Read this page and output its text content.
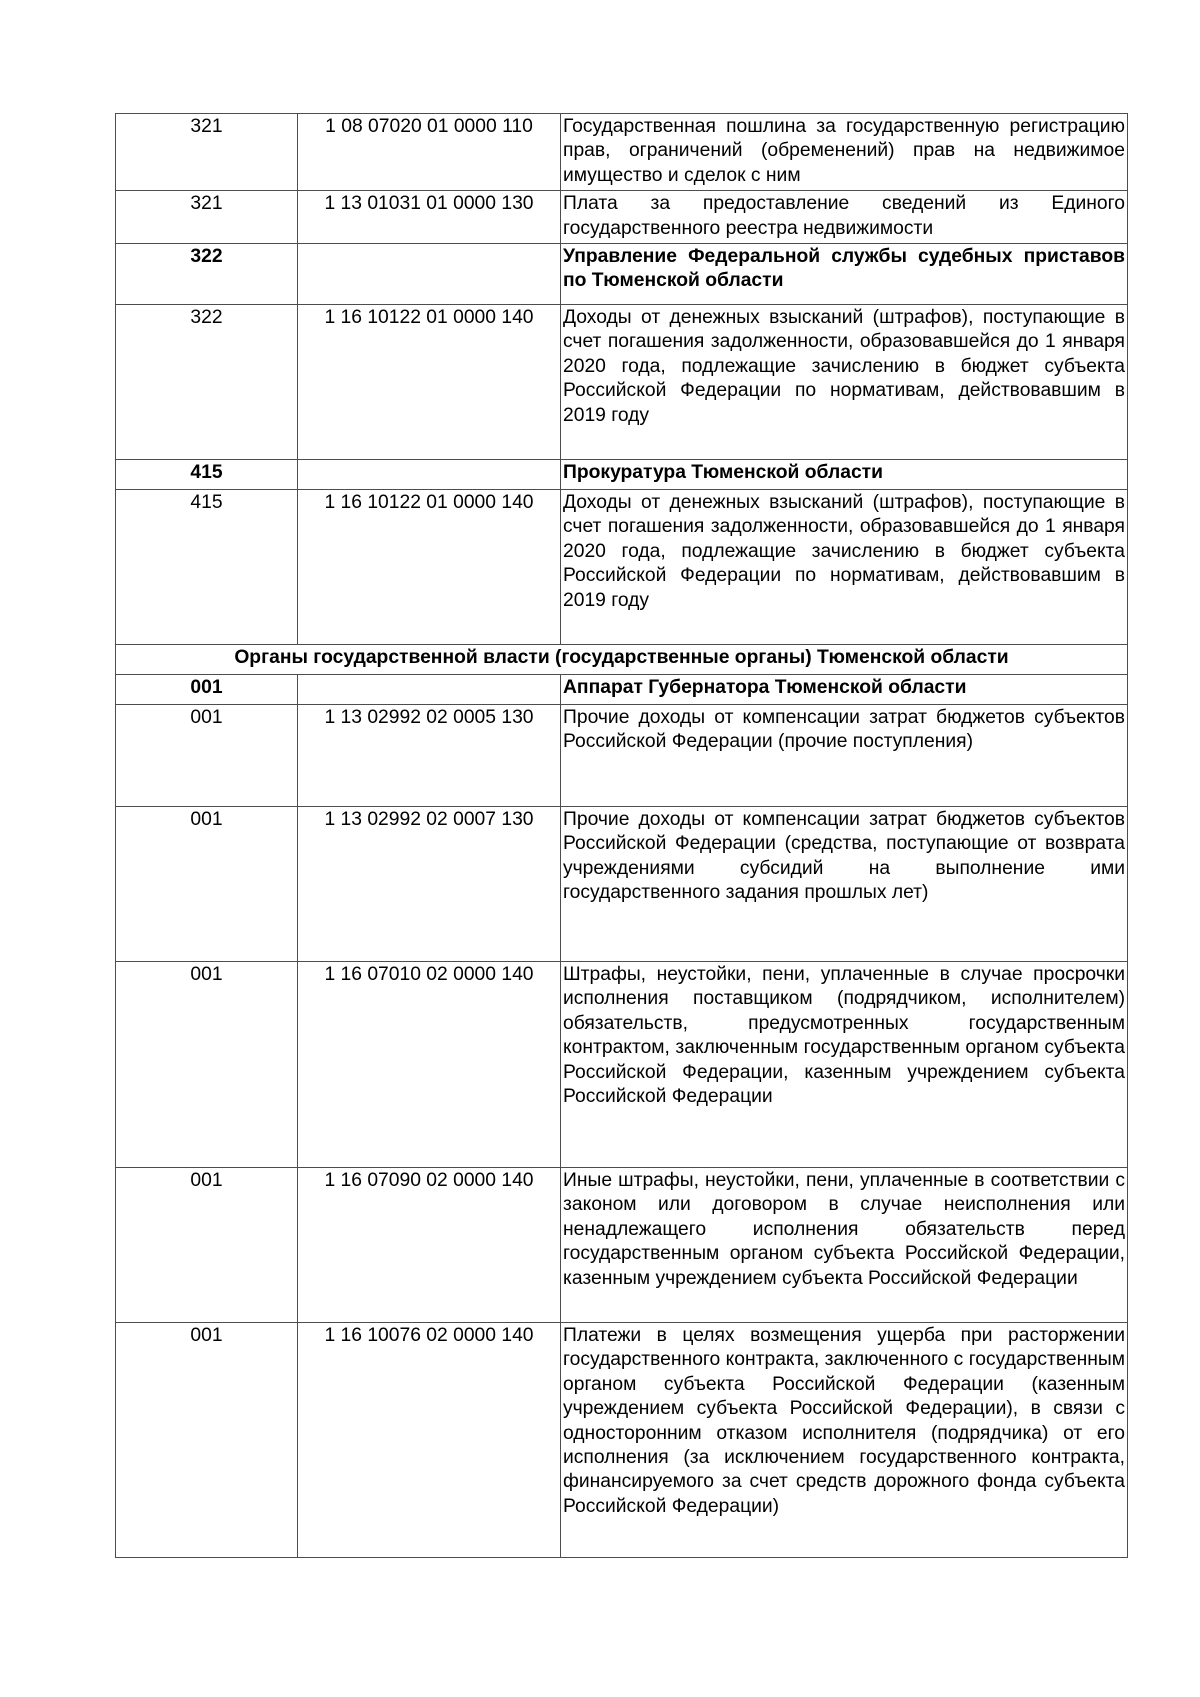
321	1 08 07020 01 0000 110	Государственная пошлина за государственную регистрацию прав, ограничений (обременений) прав на недвижимое имущество и сделок с ним
321	1 13 01031 01 0000 130	Плата за предоставление сведений из Единого государственного реестра недвижимости
322		Управление Федеральной службы судебных приставов по Тюменской области
322	1 16 10122 01 0000 140	Доходы от денежных взысканий (штрафов), поступающие в счет погашения задолженности, образовавшейся до 1 января 2020 года, подлежащие зачислению в бюджет субъекта Российской Федерации по нормативам, действовавшим в 2019 году
415		Прокуратура Тюменской области
415	1 16 10122 01 0000 140	Доходы от денежных взысканий (штрафов), поступающие в счет погашения задолженности, образовавшейся до 1 января 2020 года, подлежащие зачислению в бюджет субъекта Российской Федерации по нормативам, действовавшим в 2019 году
Органы государственной власти (государственные органы) Тюменской области		
001		Аппарат Губернатора Тюменской области
001	1 13 02992 02 0005 130	Прочие доходы от компенсации затрат бюджетов субъектов Российской Федерации (прочие поступления)
001	1 13 02992 02 0007 130	Прочие доходы от компенсации затрат бюджетов субъектов Российской Федерации (средства, поступающие от возврата учреждениями субсидий на выполнение ими государственного задания прошлых лет)
001	1 16 07010 02 0000 140	Штрафы, неустойки, пени, уплаченные в случае просрочки исполнения поставщиком (подрядчиком, исполнителем) обязательств, предусмотренных государственным контрактом, заключенным государственным органом субъекта Российской Федерации, казенным учреждением субъекта Российской Федерации
001	1 16 07090 02 0000 140	Иные штрафы, неустойки, пени, уплаченные в соответствии с законом или договором в случае неисполнения или ненадлежащего исполнения обязательств перед государственным органом субъекта Российской Федерации, казенным учреждением субъекта Российской Федерации
001	1 16 10076 02 0000 140	Платежи в целях возмещения ущерба при расторжении государственного контракта, заключенного с государственным органом субъекта Российской Федерации (казенным учреждением субъекта Российской Федерации), в связи с односторонним отказом исполнителя (подрядчика) от его исполнения (за исключением государственного контракта, финансируемого за счет средств дорожного фонда субъекта Российской Федерации)
